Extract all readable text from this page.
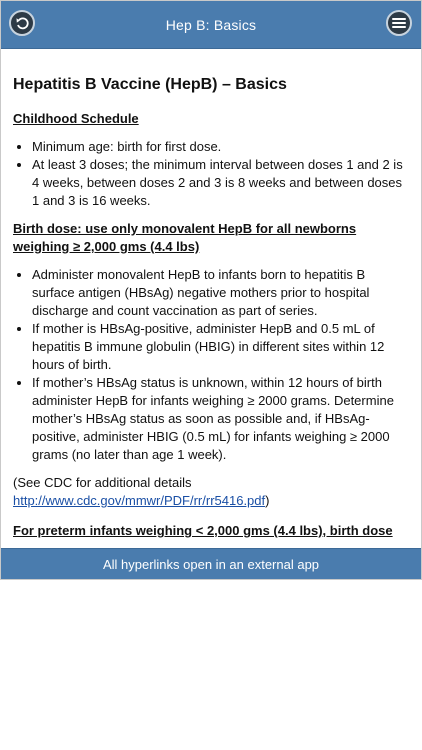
Hep B: Basics
Hepatitis B Vaccine (HepB) – Basics
Childhood Schedule
• Minimum age: birth for first dose.
• At least 3 doses; the minimum interval between doses 1 and 2 is 4 weeks, between doses 2 and 3 is 8 weeks and between doses 1 and 3 is 16 weeks.
Birth dose: use only monovalent HepB for all newborns weighing ≥ 2,000 gms (4.4 lbs)
• Administer monovalent HepB to infants born to hepatitis B surface antigen (HBsAg) negative mothers prior to hospital discharge and count vaccination as part of series.
• If mother is HBsAg-positive, administer HepB and 0.5 mL of hepatitis B immune globulin (HBIG) in different sites within 12 hours of birth.
• If mother’s HBsAg status is unknown, within 12 hours of birth administer HepB for infants weighing ≥ 2000 grams. Determine mother’s HBsAg status as soon as possible and, if HBsAg-positive, administer HBIG (0.5 mL) for infants weighing ≥ 2000 grams (no later than age 1 week).

(See CDC for additional details http://www.cdc.gov/mmwr/PDF/rr/rr5416.pdf)

For preterm infants weighing < 2,000 gms (4.4 lbs), birth dose
All hyperlinks open in an external app
